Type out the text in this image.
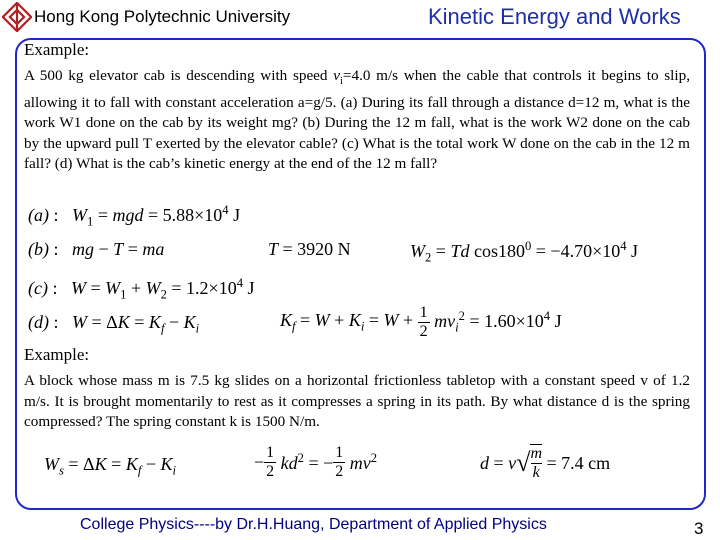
Hong Kong Polytechnic University	Kinetic Energy and Works
Example:
A 500 kg elevator cab is descending with speed $v_i=4.0$ m/s when the cable that controls it begins to slip, allowing it to fall with constant acceleration a=g/5. (a) During its fall through a distance d=12 m, what is the work W1 done on the cab by its weight mg? (b) During the 12 m fall, what is the work W2 done on the cab by the upward pull T exerted by the elevator cable? (c) What is the total work W done on the cab in the 12 m fall? (d) What is the cab’s kinetic energy at the end of the 12 m fall?
(a) :   $W_1$ = mgd = $5.88\times 10^4$ J
(b) :   mg − T = ma	T = 3920 N	$W_2 = Td$ $\cos 180^0 = -4.70\times 10^4$ J
(c) :   $W = W_1 + W_2 = 1.2\times 10^4$ J
(d) :   $W = \Delta K = K_f - K_i$	$K_f = W + K_i = W + \frac{1}{2} mv_i^2 = 1.60\times 10^4$ J
Example:
A block whose mass m is 7.5 kg slides on a horizontal frictionless tabletop with a constant speed v of 1.2 m/s. It is brought momentarily to rest as it compresses a spring in its path. By what distance d is the spring compressed? The spring constant k is 1500 N/m.
$W_s = \Delta K = K_f - K_i$	− $\frac{1}{2} kd^2$ = − $\frac{1}{2} mv^2$	d = v √ $\frac{m}{k} = 7.4$ cm
College Physics----by Dr.H.Huang, Department of Applied Physics	3
